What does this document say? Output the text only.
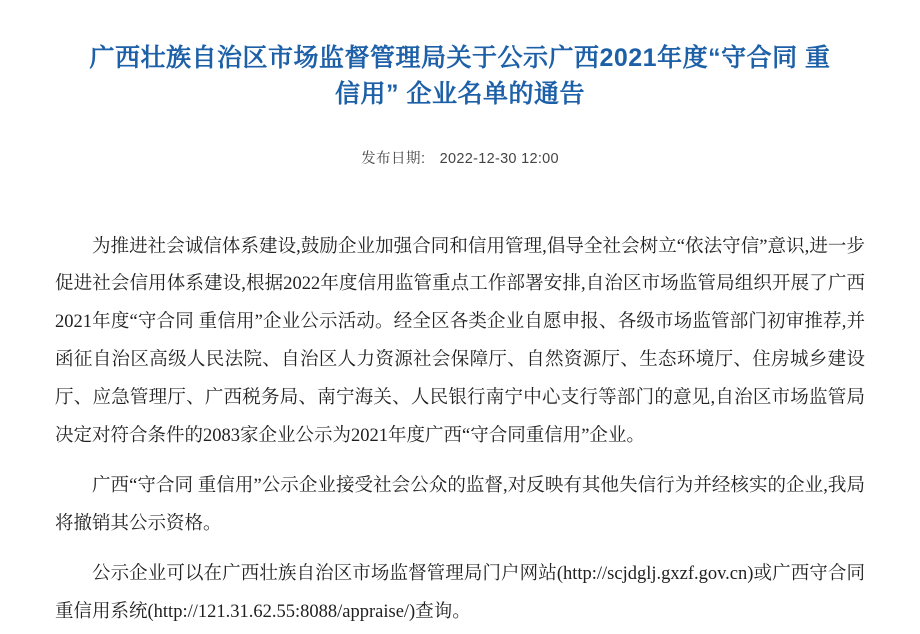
广西壮族自治区市场监督管理局关于公示广西2021年度“守合同 重信用” 企业名单的通告
发布日期: 2022-12-30 12:00

为推进社会诚信体系建设,鼓励企业加强合同和信用管理,倡导全社会树立“依法守信”意识,进一步促进社会信用体系建设,根据2022年度信用监管重点工作部署安排,自治区市场监管局组织开展了广西2021年度“守合同 重信用”企业公示活动。经全区各类企业自愿申报、各级市场监管部门初审推荐,并函征自治区高级人民法院、自治区人力资源社会保障厅、自然资源厅、生态环境厅、住房城乡建设厅、应急管理厅、广西税务局、南宁海关、人民银行南宁中心支行等部门的意见,自治区市场监管局决定对符合条件的2083家企业公示为2021年度广西“守合同重信用”企业。

广西“守合同 重信用”公示企业接受社会公众的监督,对反映有其他失信行为并经核实的企业,我局将撤销其公示资格。

公示企业可以在广西壮族自治区市场监督管理局门户网站(http://scjdglj.gxzf.gov.cn)或广西守合同重信用系统(http://121.31.62.55:8088/appraise/)查询。
